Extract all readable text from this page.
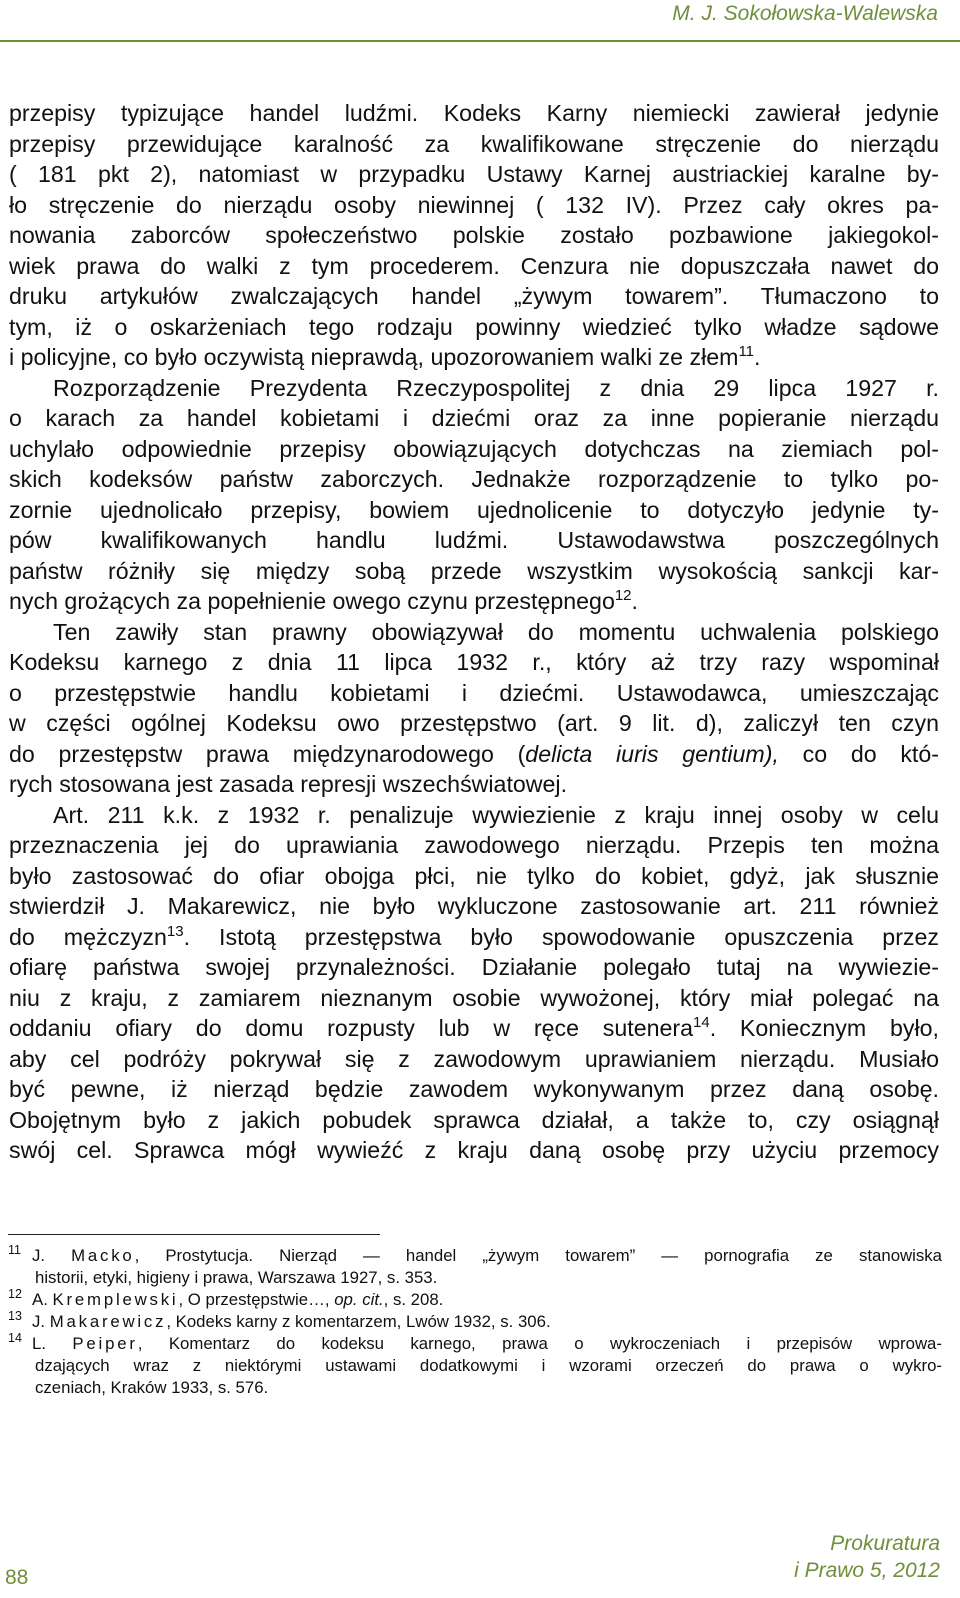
M. J. Sokołowska-Walewska
przepisy typizujące handel ludźmi. Kodeks Karny niemiecki zawierał jedynie
przepisy przewidujące karalność za kwalifikowane stręczenie do nierządu
( 181 pkt 2), natomiast w przypadku Ustawy Karnej austriackiej karalne by-
ło stręczenie do nierządu osoby niewinnej ( 132 IV). Przez cały okres pa-
nowania zaborców społeczeństwo polskie zostało pozbawione jakiegokol-
wiek prawa do walki z tym procederem. Cenzura nie dopuszczała nawet do
druku artykułów zwalczających handel „żywym towarem”. Tłumaczono to
tym, iż o oskarżeniach tego rodzaju powinny wiedzieć tylko władze sądowe
i policyjne, co było oczywistą nieprawdą, upozorowaniem walki ze złem$^{11}$.
Rozporządzenie Prezydenta Rzeczypospolitej z dnia 29 lipca 1927 r.
o karach za handel kobietami i dziećmi oraz za inne popieranie nierządu
uchylało odpowiednie przepisy obowiązujących dotychczas na ziemiach pol-
skich kodeksów państw zaborczych. Jednakże rozporządzenie to tylko po-
zornie ujednolicało przepisy, bowiem ujednolicenie to dotyczyło jedynie ty-
pów kwalifikowanych handlu ludźmi. Ustawodawstwa poszczególnych
państw różniły się między sobą przede wszystkim wysokością sankcji kar-
nych grożących za popełnienie owego czynu przestępnego$^{12}$.
Ten zawiły stan prawny obowiązywał do momentu uchwalenia polskiego
Kodeksu karnego z dnia 11 lipca 1932 r., który aż trzy razy wspominał
o przestępstwie handlu kobietami i dziećmi. Ustawodawca, umieszczając
w części ogólnej Kodeksu owo przestępstwo (art. 9 lit. d), zaliczył ten czyn
do przestępstw prawa międzynarodowego (delicta iuris gentium), co do któ-
rych stosowana jest zasada represji wszechświatowej.
Art. 211 k.k. z 1932 r. penalizuje wywiezienie z kraju innej osoby w celu
przeznaczenia jej do uprawiania zawodowego nierządu. Przepis ten można
było zastosować do ofiar obojga płci, nie tylko do kobiet, gdyż, jak słusznie
stwierdził J. Makarewicz, nie było wykluczone zastosowanie art. 211 również
do mężczyzn$^{13}$. Istotą przestępstwa było spowodowanie opuszczenia przez
ofiarę państwa swojej przynależności. Działanie polegało tutaj na wywiezie-
niu z kraju, z zamiarem nieznanym osobie wywożonej, który miał polegać na
oddaniu ofiary do domu rozpusty lub w ręce sutenera$^{14}$. Koniecznym było,
aby cel podróży pokrywał się z zawodowym uprawianiem nierządu. Musiało
być pewne, iż nierząd będzie zawodem wykonywanym przez daną osobę.
Obojętnym było z jakich pobudek sprawca działał, a także to, czy osiągnął
swój cel. Sprawca mógł wywieźć z kraju daną osobę przy użyciu przemocy
11 J. Macko, Prostytucja. Nierząd — handel „żywym towarem” — pornografia ze stanowiska
historii, etyki, higieny i prawa, Warszawa 1927, s. 353.
12 A. Kremplewski, O przestępstwie…, op. cit., s. 208.
13 J. Makarewicz, Kodeks karny z komentarzem, Lwów 1932, s. 306.
14 L. Peiper, Komentarz do kodeksu karnego, prawa o wykroczeniach i przepisów wprowa-
dzających wraz z niektórymi ustawami dodatkowymi i wzorami orzeczeń do prawa o wykro-
czeniach, Kraków 1933, s. 576.
88
Prokuratura
i Prawo 5, 2012
